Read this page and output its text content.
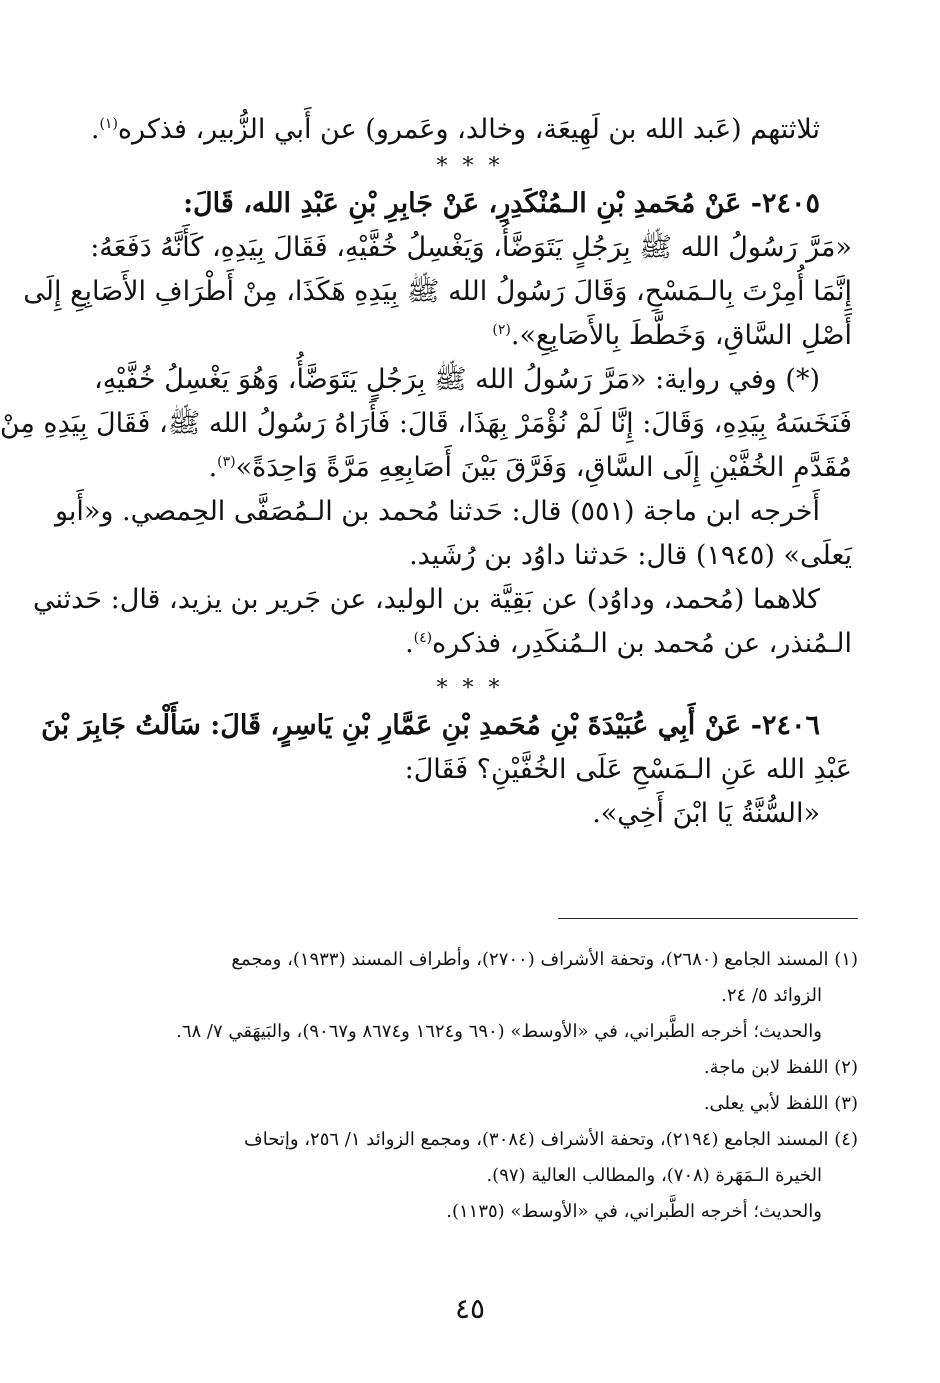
ثلاثتهم (عَبد الله بن لَهِيعَة، وخالد، وعَمرو) عن أَبي الزُّبير، فذكره$^{(١)}$.

* * *

٢٤٠٥- عَنْ مُحَمدِ بْنِ الـمُنْكَدِرِ، عَنْ جَابِرِ بْنِ عَبْدِ الله، قَالَ:
«مَرَّ رَسُولُ الله ﷺ بِرَجُلٍ يَتَوَضَّأُ، وَيَغْسِلُ خُفَّيْهِ، فَقَالَ بِيَدِهِ، كَأَنَّهُ دَفَعَهُ:
إِنَّمَا أُمِرْتَ بِالـمَسْحِ، وَقَالَ رَسُولُ الله ﷺ بِيَدِهِ هَكَذَا، مِنْ أَطْرَافِ الأَصَابِعِ إِلَى
أَصْلِ السَّاقِ، وَخَطَّطَ بِالأَصَابِعِ».$^{(٢)}$

(*) وفي رواية: «مَرَّ رَسُولُ الله ﷺ بِرَجُلٍ يَتَوَضَّأُ، وَهُوَ يَغْسِلُ خُفَّيْهِ،
فَنَخَسَهُ بِيَدِهِ، وَقَالَ: إِنَّا لَمْ نُؤْمَرْ بِهَذَا، قَالَ: فَأَرَاهُ رَسُولُ الله ﷺ، فَقَالَ بِيَدِهِ مِنْ
مُقَدَّمِ الخُفَّيْنِ إِلَى السَّاقِ، وَفَرَّقَ بَيْنَ أَصَابِعِهِ مَرَّةً وَاحِدَةً»$^{(٣)}$.

أَخرجه ابن ماجة (٥٥١) قال: حَدثنا مُحمد بن الـمُصَفَّى الحِمصي. و«أَبو
يَعلَى» (١٩٤٥) قال: حَدثنا داوُد بن رُشَيد.

كلاهما (مُحمد، وداوُد) عن بَقِيَّة بن الوليد، عن جَرير بن يزيد، قال: حَدثني
الـمُنذر، عن مُحمد بن الـمُنكَدِر، فذكره$^{(٤)}$.

* * *

٢٤٠٦- عَنْ أَبِي عُبَيْدَةَ بْنِ مُحَمدِ بْنِ عَمَّارِ بْنِ يَاسِرٍ، قَالَ: سَأَلْتُ جَابِرَ بْنَ
عَبْدِ الله عَنِ الـمَسْحِ عَلَى الخُفَّيْنِ؟ فَقَالَ:
«السُّنَّةُ يَا ابْنَ أَخِي».

(١) المسند الجامع (٢٦٨٠)، وتحفة الأشراف (٢٧٠٠)، وأطراف المسند (١٩٣٣)، ومجمع

الزوائد ٥/ ٢٤.

والحديث؛ أخرجه الطَّبراني، في «الأوسط» (٦٩٠ و١٦٢٤ و٨٦٧٤ و٩٠٦٧)، والبَيهَقي ٧/ ٦٨.

(٢) اللفظ لابن ماجة.

(٣) اللفظ لأبي يعلى.

(٤) المسند الجامع (٢١٩٤)، وتحفة الأشراف (٣٠٨٤)، ومجمع الزوائد ١/ ٢٥٦، وإتحاف

الخيرة الـمَهَرة (٧٠٨)، والمطالب العالية (٩٧).

والحديث؛ أخرجه الطَّبراني، في «الأوسط» (١١٣٥).

٤٥
